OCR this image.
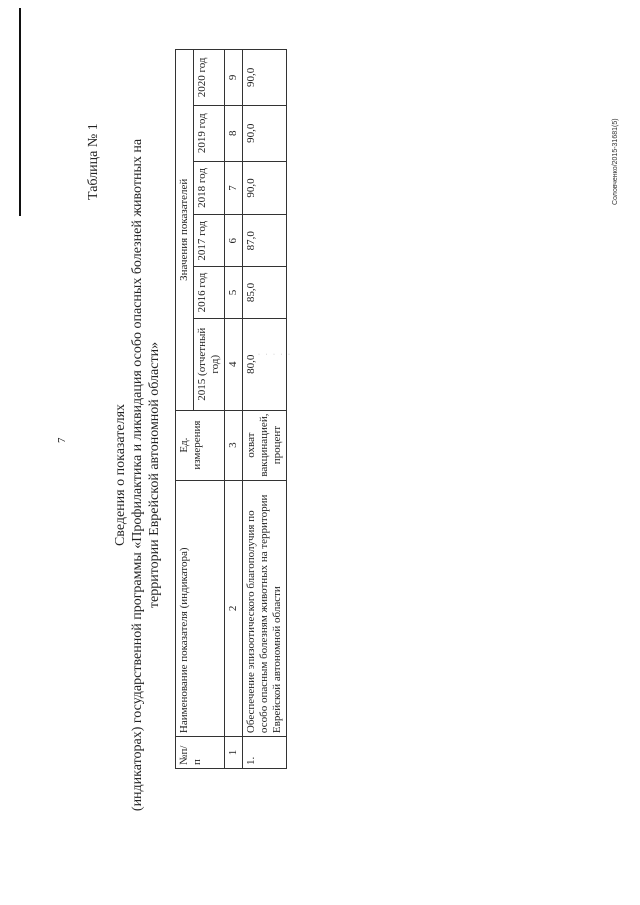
· · · · ·
7
Таблица № 1
Сведения о показателях (индикаторах) государственной программы «Профилактика и ликвидация особо опасных болезней животных на территории Еврейской автономной области»
№п/п	Наименование показателя (индикатора)	Ед. измерения	Значения показателей					
			2015 (отчетный год)	2016 год	2017 год	2018 год	2019 год	2020 год
1	2	3	4	5	6	7	8	9
1.	Обеспечение эпизоотического благополучия по особо опасным болезням животных на территории Еврейской автономной области	охват вакцинацией, процент	80,0	85,0	87,0	90,0	90,0	90,0
Соловченко/2015-31681(5)
